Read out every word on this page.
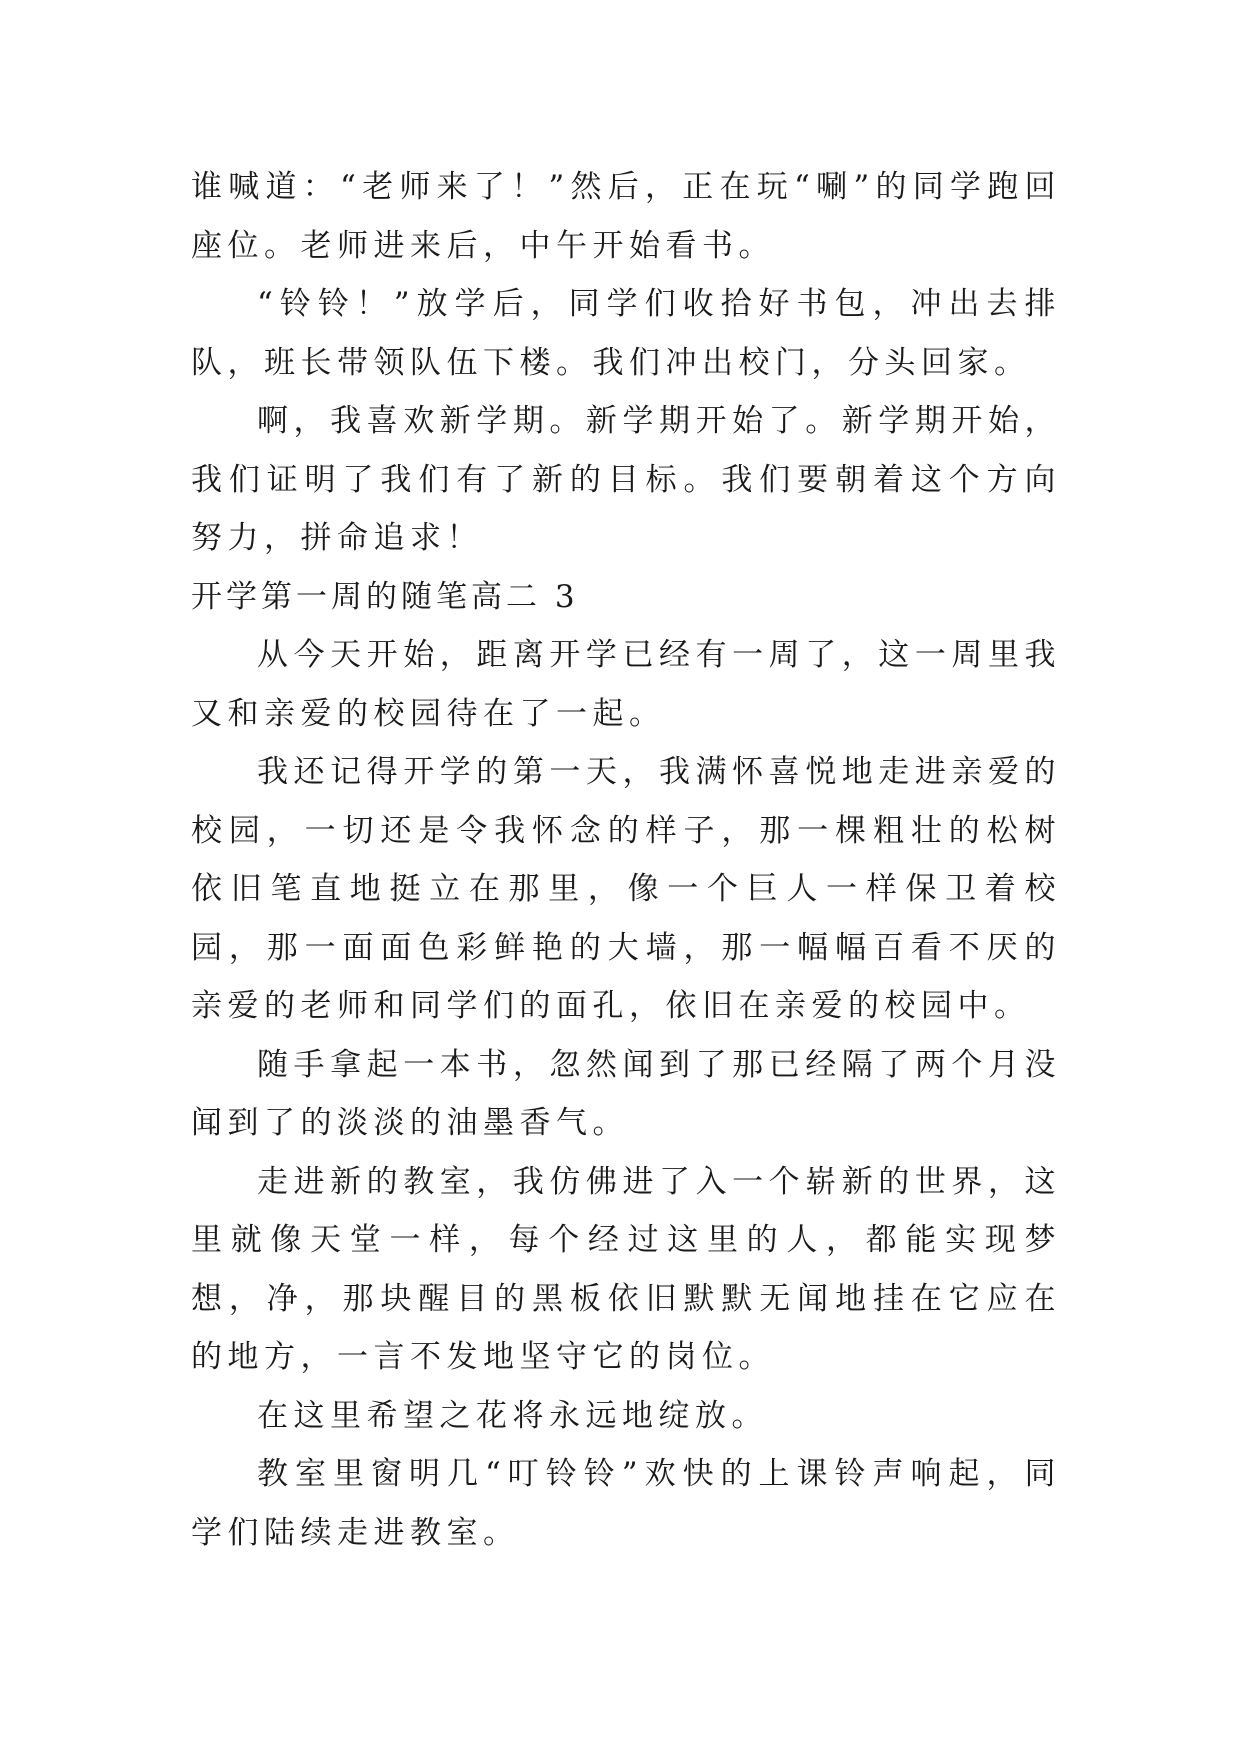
谁喊道：“老师来了！”然后，正在玩“唰”的同学跑回座位。老师进来后，中午开始看书。

“铃铃！”放学后，同学们收拾好书包，冲出去排队，班长带领队伍下楼。我们冲出校门，分头回家。

啊，我喜欢新学期。新学期开始了。新学期开始，我们证明了我们有了新的目标。我们要朝着这个方向努力，拼命追求！

开学第一周的随笔高二 3

从今天开始，距离开学已经有一周了，这一周里我又和亲爱的校园待在了一起。

我还记得开学的第一天，我满怀喜悦地走进亲爱的校园，一切还是令我怀念的样子，那一棵粗壮的松树依旧笔直地挺立在那里，像一个巨人一样保卫着校园，那一面面色彩鲜艳的大墙，那一幅幅百看不厌的亲爱的老师和同学们的面孔，依旧在亲爱的校园中。

随手拿起一本书，忽然闻到了那已经隔了两个月没闻到了的淡淡的油墨香气。

走进新的教室，我仿佛进了入一个崭新的世界，这里就像天堂一样，每个经过这里的人，都能实现梦想，净，那块醒目的黑板依旧默默无闻地挂在它应在的地方，一言不发地坚守它的岗位。

在这里希望之花将永远地绽放。

教室里窗明几“叮铃铃”欢快的上课铃声响起，同学们陆续走进教室。
